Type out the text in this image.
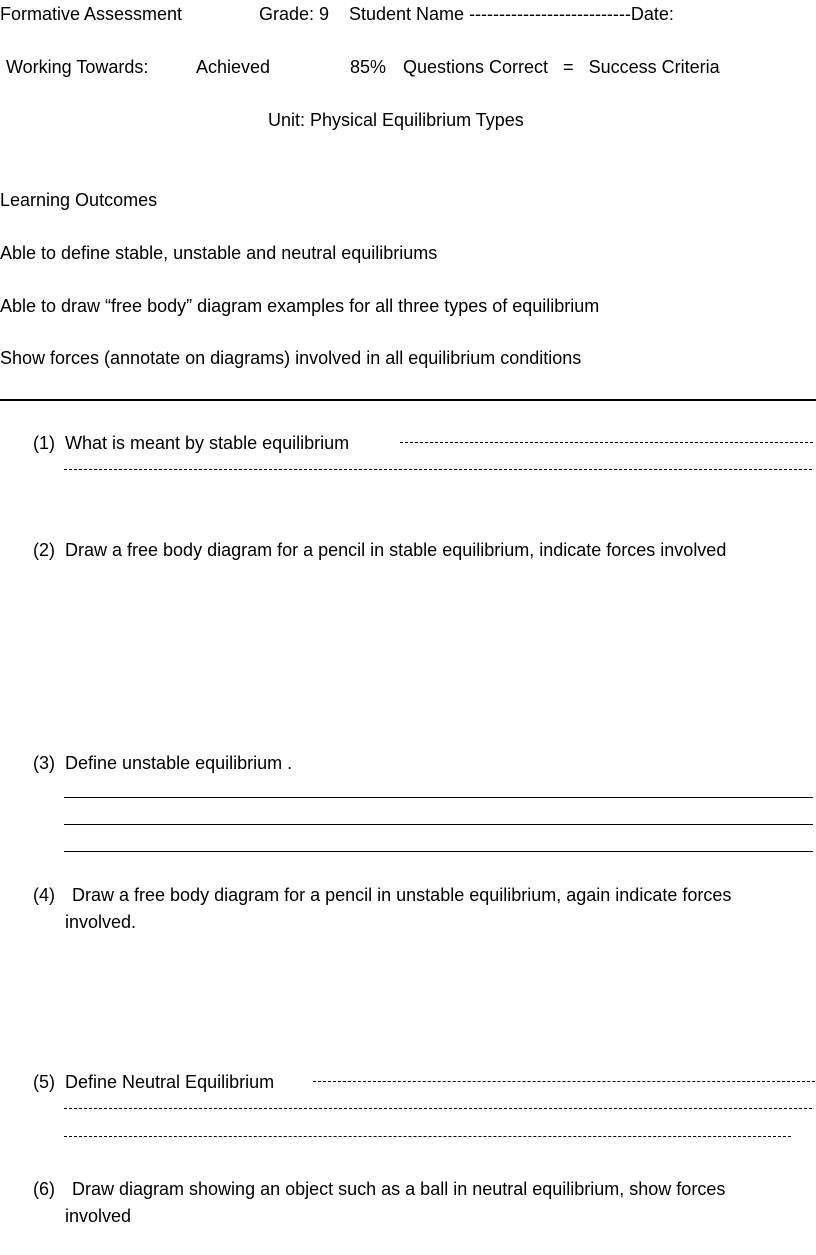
Formative Assessment	Grade: 9 Student Name ---------------------------Date:
Working Towards:	Achieved	85% Questions Correct   =   Success Criteria
Unit: Physical Equilibrium Types
Learning Outcomes
Able to define stable, unstable and neutral equilibriums
Able to draw “free body” diagram examples for all three types of equilibrium
Show forces (annotate on diagrams) involved in all equilibrium conditions
(1) What is meant by stable equilibrium
(2) Draw a free body diagram for a pencil in stable equilibrium, indicate forces involved
(3) Define unstable equilibrium .
(4) Draw a free body diagram for a pencil in unstable equilibrium, again indicate forces
involved.
(5) Define Neutral Equilibrium
(6) Draw diagram showing an object such as a ball in neutral equilibrium, show forces
involved
